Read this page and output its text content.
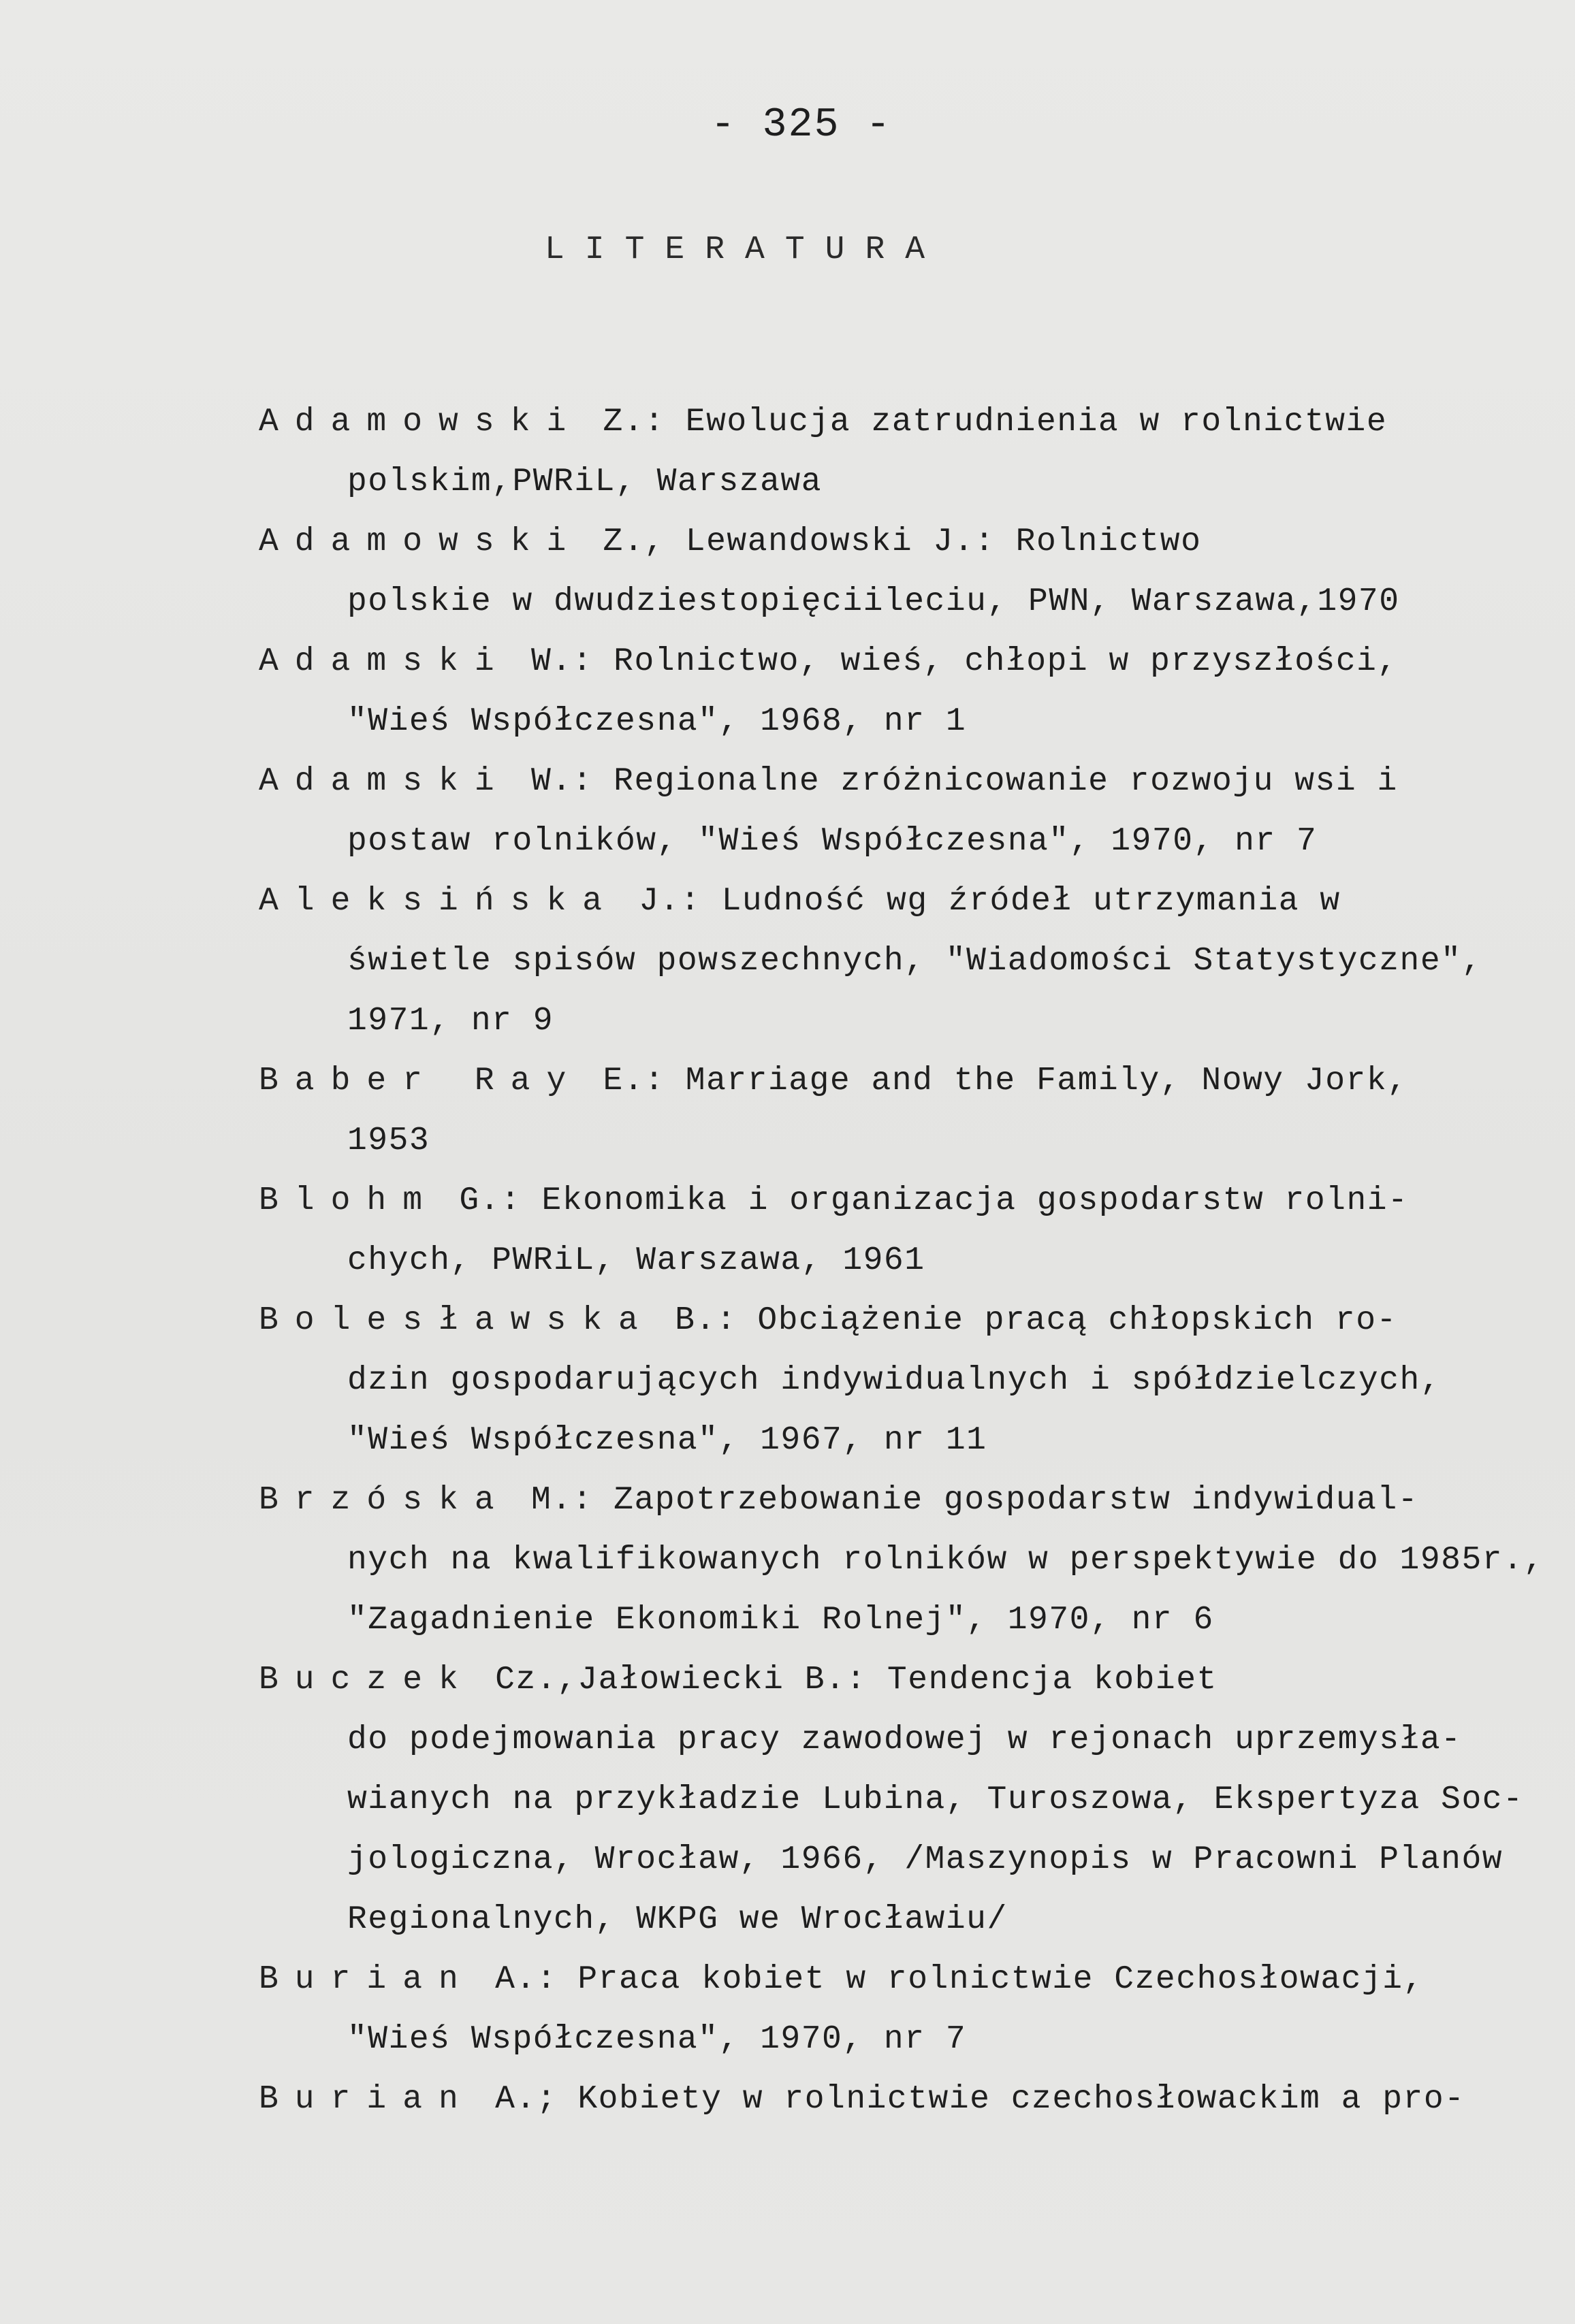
- 325 -
LITERATURA
Adamowski Z.: Ewolucja zatrudnienia w rolnictwie
polskim,PWRiL, Warszawa
Adamowski Z., Lewandowski J.: Rolnictwo
polskie w dwudziestopięciileciu, PWN, Warszawa,1970
Adamski W.: Rolnictwo, wieś, chłopi w przyszłości,
"Wieś Współczesna", 1968, nr 1
Adamski W.: Regionalne zróżnicowanie rozwoju wsi i
postaw rolników, "Wieś Współczesna", 1970, nr 7
Aleksińska J.: Ludność wg źródeł utrzymania w
świetle spisów powszechnych, "Wiadomości Statystyczne",
1971, nr 9
Baber Ray E.: Marriage and the Family, Nowy Jork,
1953
Blohm G.: Ekonomika i organizacja gospodarstw rolni-
chych, PWRiL, Warszawa, 1961
Bolesławska B.: Obciążenie pracą chłopskich ro-
dzin gospodarujących indywidualnych i spółdzielczych,
"Wieś Współczesna", 1967, nr 11
Brzóska M.: Zapotrzebowanie gospodarstw indywidual-
nych na kwalifikowanych rolników w perspektywie do 1985r.,
"Zagadnienie Ekonomiki Rolnej", 1970, nr 6
Buczek Cz.,Jałowiecki B.: Tendencja kobiet
do podejmowania pracy zawodowej w rejonach uprzemysła-
wianych na przykładzie Lubina, Turoszowa, Ekspertyza Soc-
jologiczna, Wrocław, 1966, /Maszynopis w Pracowni Planów
Regionalnych, WKPG we Wrocławiu/
Burian A.: Praca kobiet w rolnictwie Czechosłowacji,
"Wieś Współczesna", 1970, nr 7
Burian A.; Kobiety w rolnictwie czechosłowackim a pro-
